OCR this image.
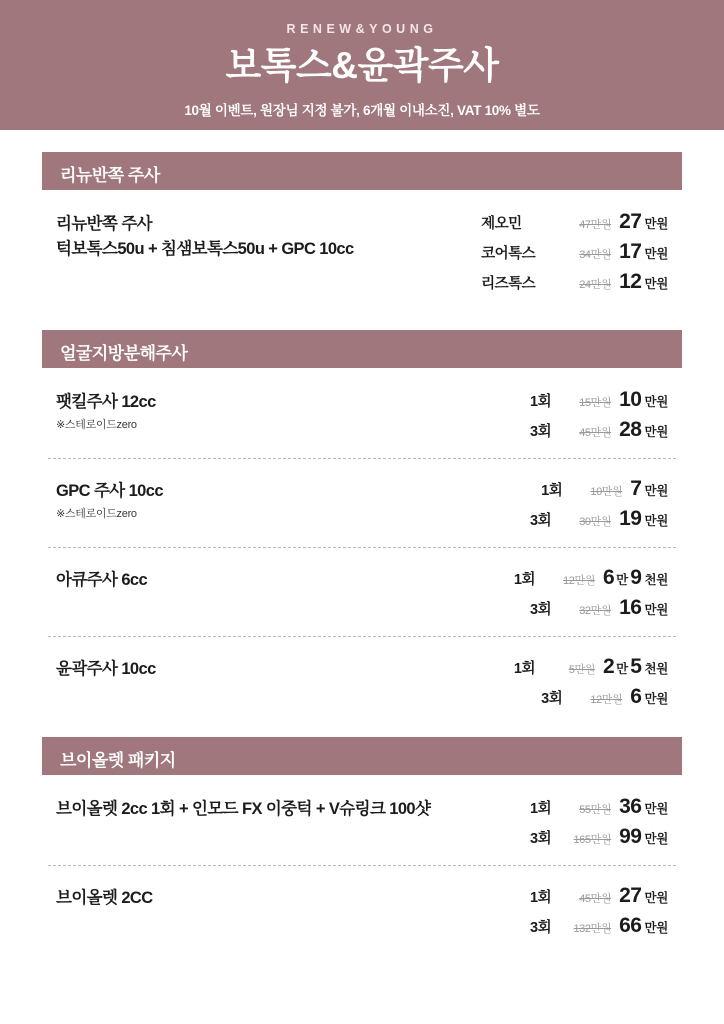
RENEW&YOUNG
보톡스&윤곽주사
10월 이벤트, 원장님 지정 불가, 6개월 이내소진, VAT 10% 별도
리뉴반쪽 주사
리뉴반쪽 주사
턱보톡스50u + 침샘보톡스50u + GPC 10cc
제오민	47만원 27 만원
코어톡스	34만원 17 만원
리즈톡스	24만원 12 만원
얼굴지방분해주사
팻킬주사 12cc
※스테로이드zero
1회	15만원 10 만원
3회	45만원 28 만원
GPC 주사 10cc
※스테로이드zero
1회	10만원 7 만원
3회	30만원 19 만원
아큐주사 6cc	1회	12만원 6 만 9 천원
3회	32만원 16 만원
윤곽주사 10cc	1회	5만원 2 만 5 천원
3회	12만원 6 만원
브이올렛 패키지
브이올렛 2cc 1회 + 인모드 FX 이중턱 + V슈링크 100샷	1회	55만원 36 만원
3회	165만원 99 만원
브이올렛 2CC	1회	45만원 27 만원
3회	132만원 66 만원
